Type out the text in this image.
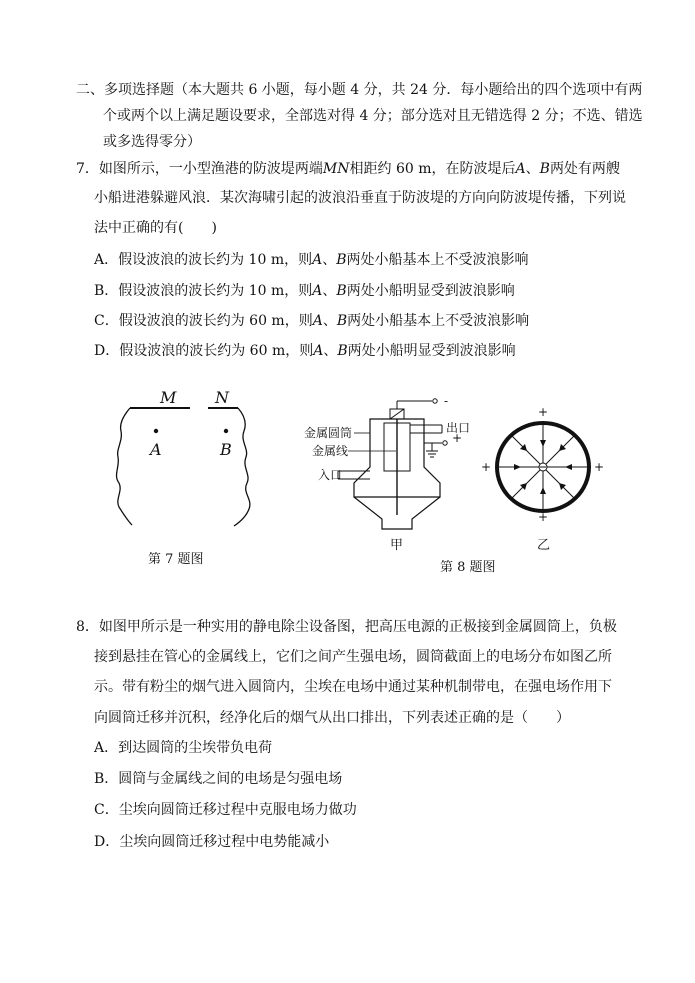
二、多项选择题（本大题共 6 小题，每小题 4 分，共 24 分．每小题给出的四个选项中有两
个或两个以上满足题设要求，全部选对得 4 分；部分选对且无错选得 2 分；不选、错选
或多选得零分）
7．如图所示，一小型渔港的防波堤两端MN相距约 60 m，在防波堤后A、B两处有两艘
小船进港躲避风浪．某次海啸引起的波浪沿垂直于防波堤的方向向防波堤传播，下列说
法中正确的有(　　)
A．假设波浪的波长约为 10 m，则A、B两处小船基本上不受波浪影响
B．假设波浪的波长约为 10 m，则A、B两处小船明显受到波浪影响
C．假设波浪的波长约为 60 m，则A、B两处小船基本上不受波浪影响
D．假设波浪的波长约为 60 m，则A、B两处小船明显受到波浪影响
M N
A	B
第 7 题图
-
出口
+
入口
金属圆筒
金属线
甲
+
+	+
+
乙
第 8 题图
8．如图甲所示是一种实用的静电除尘设备图，把高压电源的正极接到金属圆筒上，负极
接到悬挂在管心的金属线上，它们之间产生强电场，圆筒截面上的电场分布如图乙所
示。带有粉尘的烟气进入圆筒内，尘埃在电场中通过某种机制带电，在强电场作用下
向圆筒迁移并沉积，经净化后的烟气从出口排出，下列表述正确的是（　　）
A．到达圆筒的尘埃带负电荷
B．圆筒与金属线之间的电场是匀强电场
C．尘埃向圆筒迁移过程中克服电场力做功
D．尘埃向圆筒迁移过程中电势能减小
